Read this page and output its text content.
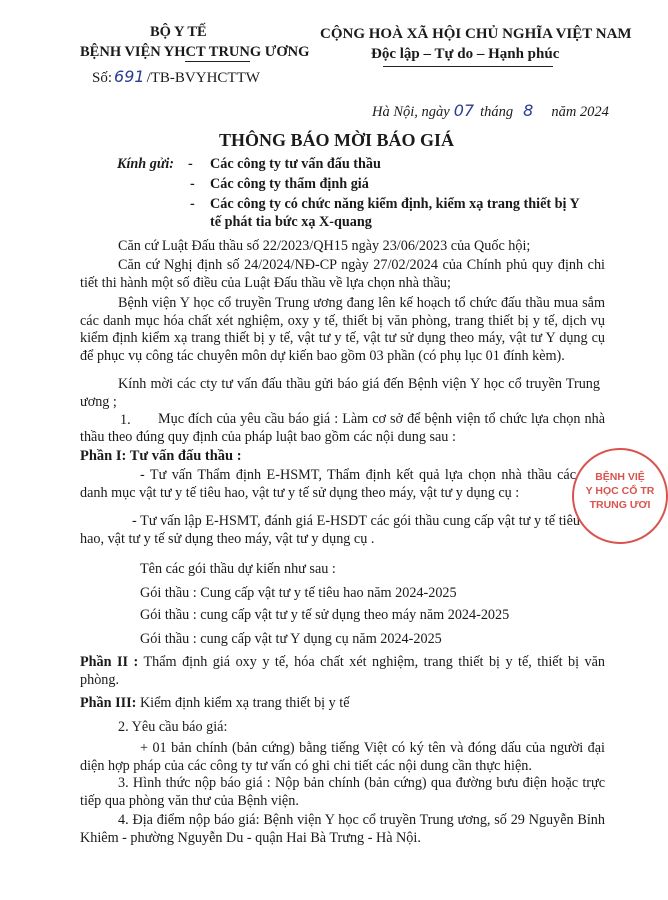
BỘ Y TẾ
BỆNH VIỆN YHCT TRUNG ƯƠNG
Số: 691 /TB-BVYHCTTW
CỘNG HOÀ XÃ HỘI CHỦ NGHĨA VIỆT NAM
Độc lập – Tự do – Hạnh phúc
Hà Nội, ngày 07 tháng 8 năm 2024
THÔNG BÁO MỜI BÁO GIÁ
Kính gửi: - Các công ty tư vấn đấu thầu
- Các công ty thẩm định giá
- Các công ty có chức năng kiểm định, kiểm xạ trang thiết bị Y
tế phát tia bức xạ X-quang
Căn cứ Luật Đấu thầu số 22/2023/QH15 ngày 23/06/2023 của Quốc hội;
Căn cứ Nghị định số 24/2024/NĐ-CP ngày 27/02/2024 của Chính phủ quy định chi tiết thi hành một số điều của Luật Đấu thầu về lựa chọn nhà thầu;
Bệnh viện Y học cổ truyền Trung ương đang lên kế hoạch tổ chức đấu thầu mua sắm các danh mục hóa chất xét nghiệm, oxy y tế, thiết bị văn phòng, trang thiết bị y tế, dịch vụ kiểm định kiểm xạ trang thiết bị y tế, vật tư y tế, vật tư sử dụng theo máy, vật tư Y dụng cụ để phục vụ công tác chuyên môn dự kiến bao gồm 03 phần (có phụ lục 01 đính kèm).
Kính mời các cty tư vấn đấu thầu gửi báo giá đến Bệnh viện Y học cổ truyền Trung ương ;
1.	Mục đích của yêu cầu báo giá : Làm cơ sở để bệnh viện tổ chức lựa chọn nhà thầu theo đúng quy định của pháp luật bao gồm các nội dung sau :
Phần I: Tư vấn đấu thầu :
- Tư vấn Thẩm định E-HSMT, Thẩm định kết quả lựa chọn nhà thầu các danh mục vật tư y tế tiêu hao, vật tư y tế sử dụng theo máy, vật tư y dụng cụ :
- Tư vấn lập E-HSMT, đánh giá E-HSDT các gói thầu cung cấp vật tư y tế tiêu hao, vật tư y tế sử dụng theo máy, vật tư y dụng cụ .
Tên các gói thầu dự kiến như sau :
Gói thầu : Cung cấp vật tư y tế tiêu hao năm 2024-2025
Gói thầu : cung cấp vật tư y tế sử dụng theo máy năm 2024-2025
Gói thầu : cung cấp vật tư Y dụng cụ năm 2024-2025
Phần II : Thẩm định giá oxy y tế, hóa chất xét nghiệm, trang thiết bị y tế, thiết bị văn phòng.
Phần III: Kiểm định kiểm xạ trang thiết bị y tế
2. Yêu cầu báo giá:
+ 01 bản chính (bản cứng) bằng tiếng Việt có ký tên và đóng dấu của người đại diện hợp pháp của các công ty tư vấn có ghi chi tiết các nội dung cần thực hiện.
3. Hình thức nộp báo giá : Nộp bản chính (bản cứng) qua đường bưu điện hoặc trực tiếp qua phòng văn thư của Bệnh viện.
4. Địa điểm nộp báo giá: Bệnh viện Y học cổ truyền Trung ương, số 29 Nguyễn Bỉnh Khiêm - phường Nguyễn Du - quận Hai Bà Trưng - Hà Nội.
BỆNH VIỆ
Y HỌC CỔ TR
TRUNG ƯƠI
